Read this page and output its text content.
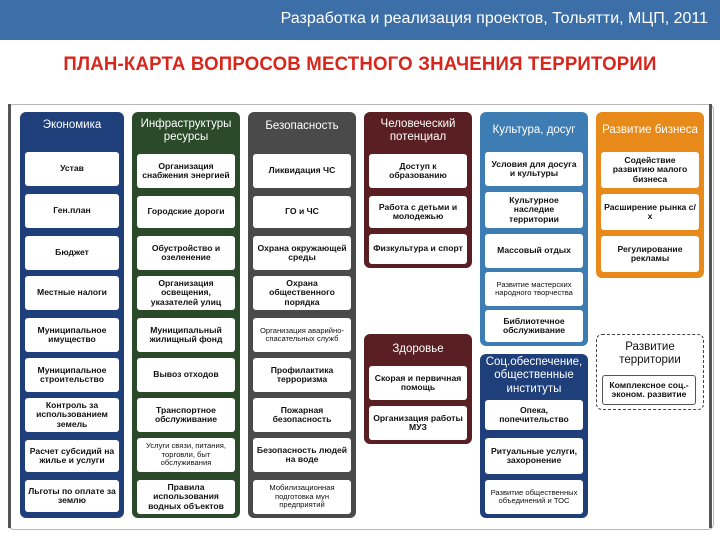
Разработка и реализация проектов, Тольятти, МЦП, 2011
ПЛАН-КАРТА ВОПРОСОВ МЕСТНОГО ЗНАЧЕНИЯ ТЕРРИТОРИИ
Экономика
Устав
Ген.план
Бюджет
Местные налоги
Муниципальное имущество
Муниципальное строительство
Контроль за использованием земель
Расчет субсидий на жилье и услуги
Льготы по оплате за землю
Инфраструктуры ресурсы
Организация снабжения энергией
Городские дороги
Обустройство и озеленение
Организация освещения, указателей улиц
Муниципальный жилищный фонд
Вывоз отходов
Транспортное обслуживание
Услуги связи, питания, торговли, быт обслуживания
Правила использования водных объектов
Безопасность
Ликвидация ЧС
ГО и ЧС
Охрана окружающей среды
Охрана общественного порядка
Организация аварийно-спасательных служб
Профилактика терроризма
Пожарная безопасность
Безопасность людей на воде
Мобилизационная подготовка мун предприятий
Человеческий потенциал
Доступ к образованию
Работа с детьми и молодежью
Физкультура и спорт
Здоровье
Скорая и первичная помощь
Организация работы МУЗ
Культура, досуг
Условия для досуга и культуры
Культурное наследие территории
Массовый отдых
Развитие мастерских народного творчества
Библиотечное обслуживание
Соц.обеспечение, общественные институты
Опека, попечительство
Ритуальные услуги, захоронение
Развитие общественных объединений и ТОС
Развитие бизнеса
Содействие развитию малого бизнеса
Расширение рынка с/х
Регулирование рекламы
Развитие территории
Комплексное соц.-эконом. развитие
